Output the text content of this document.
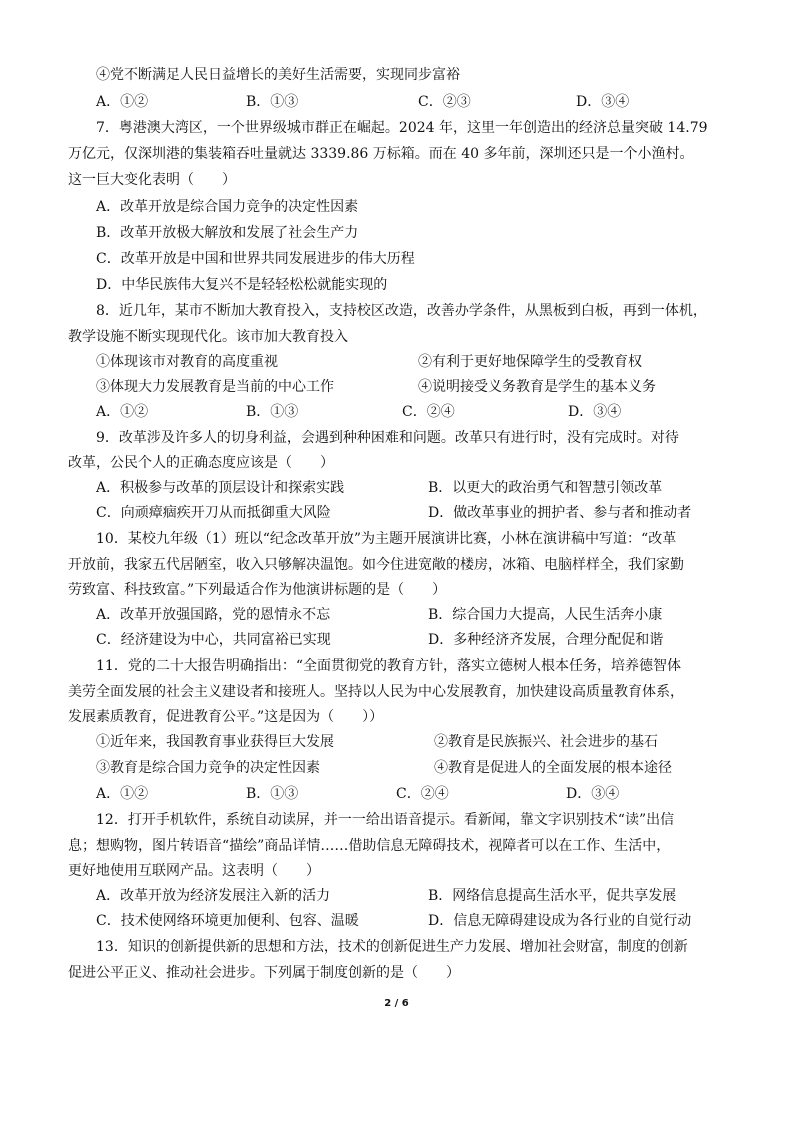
④党不断满足人民日益增长的美好生活需要，实现同步富裕
A．①②	B．①③	C．②③	D．③④
7．粤港澳大湾区，一个世界级城市群正在崛起。2024 年，这里一年创造出的经济总量突破 14.79
万亿元，仅深圳港的集装箱吞吐量就达 3339.86 万标箱。而在 40 多年前，深圳还只是一个小渔村。
这一巨大变化表明（　　）
A．改革开放是综合国力竞争的决定性因素
B．改革开放极大解放和发展了社会生产力
C．改革开放是中国和世界共同发展进步的伟大历程
D．中华民族伟大复兴不是轻轻松松就能实现的
8．近几年，某市不断加大教育投入，支持校区改造，改善办学条件，从黑板到白板，再到一体机，
教学设施不断实现现代化。该市加大教育投入
①体现该市对教育的高度重视	②有利于更好地保障学生的受教育权
③体现大力发展教育是当前的中心工作	④说明接受义务教育是学生的基本义务
A．①②	B．①③	C．②④	D．③④
9．改革涉及许多人的切身利益，会遇到种种困难和问题。改革只有进行时，没有完成时。对待
改革，公民个人的正确态度应该是（　　）
A．积极参与改革的顶层设计和探索实践	B．以更大的政治勇气和智慧引领改革
C．向顽瘴痼疾开刀从而抵御重大风险	D．做改革事业的拥护者、参与者和推动者
10．某校九年级（1）班以“纪念改革开放”为主题开展演讲比赛，小林在演讲稿中写道：“改革
开放前，我家五代居陋室，收入只够解决温饱。如今住进宽敞的楼房，冰箱、电脑样样全，我们家勤
劳致富、科技致富。”下列最适合作为他演讲标题的是（　　）
A．改革开放强国路，党的恩情永不忘	B．综合国力大提高，人民生活奔小康
C．经济建设为中心，共同富裕已实现	D．多种经济齐发展，合理分配促和谐
11．党的二十大报告明确指出：“全面贯彻党的教育方针，落实立德树人根本任务，培养德智体
美劳全面发展的社会主义建设者和接班人。坚持以人民为中心发展教育，加快建设高质量教育体系，
发展素质教育，促进教育公平。”这是因为（　　））
①近年来，我国教育事业获得巨大发展	②教育是民族振兴、社会进步的基石
③教育是综合国力竞争的决定性因素	④教育是促进人的全面发展的根本途径
A．①②	B．①③	C．②④	D．③④
12．打开手机软件，系统自动读屏，并一一给出语音提示。看新闻，靠文字识别技术“读”出信
息；想购物，图片转语音“描绘”商品详情……借助信息无障碍技术，视障者可以在工作、生活中，
更好地使用互联网产品。这表明（　　）
A．改革开放为经济发展注入新的活力	B．网络信息提高生活水平，促共享发展
C．技术使网络环境更加便利、包容、温暖	D．信息无障碍建设成为各行业的自觉行动
13．知识的创新提供新的思想和方法，技术的创新促进生产力发展、增加社会财富，制度的创新
促进公平正义、推动社会进步。下列属于制度创新的是（　　）
2 / 6
